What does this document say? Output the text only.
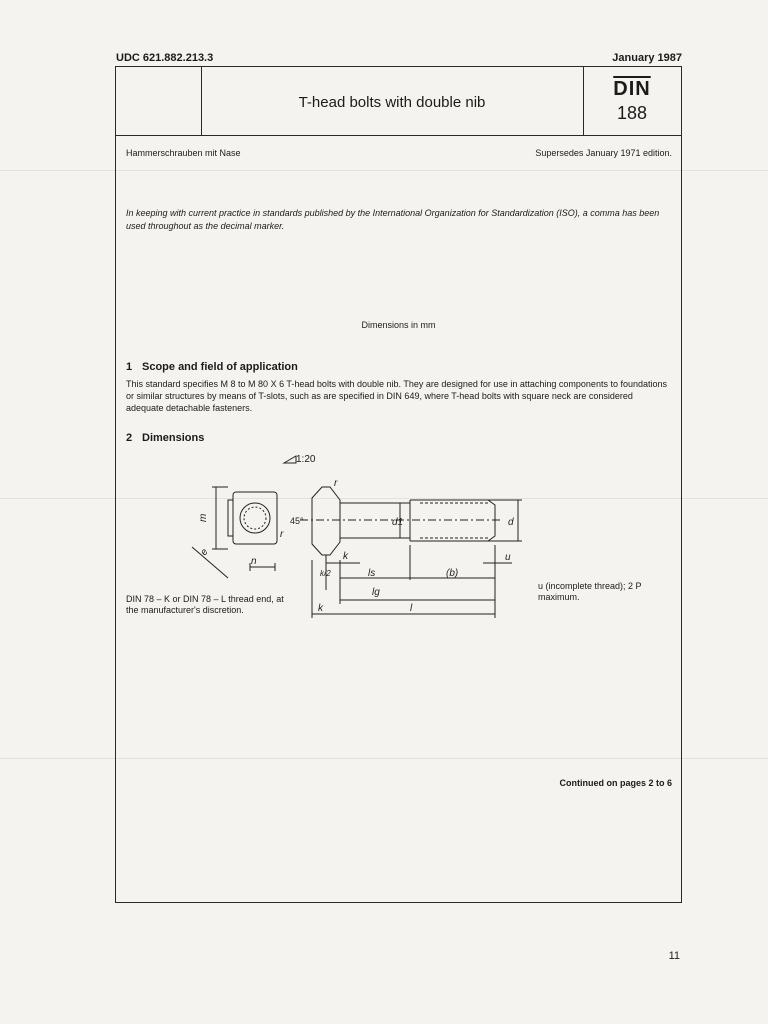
UDC 621.882.213.3	January 1987
T-head bolts with double nib
$\overline{DIN}$
188
Hammerschrauben mit Nase	Supersedes January 1971 edition.
In keeping with current practice in standards published by the International Organization for Standardization (ISO), a comma has been used throughout as the decimal marker.
Dimensions in mm
1 Scope and field of application
This standard specifies M 8 to M 80 X 6 T-head bolts with double nib. They are designed for use in attaching components to foundations or similar structures by means of T-slots, such as are specified in DIN 649, where T-head bolts with square neck are considered adequate detachable fasteners.
2 Dimensions
m
e
n
r
r
45°	d1	d
k
k/2	ls	(b)
u
lg
k	l
1:20
DIN 78 – K or DIN 78 – L thread end, at the manufacturer's discretion.
u (incomplete thread); 2 P maximum.
Continued on pages 2 to 6
11
